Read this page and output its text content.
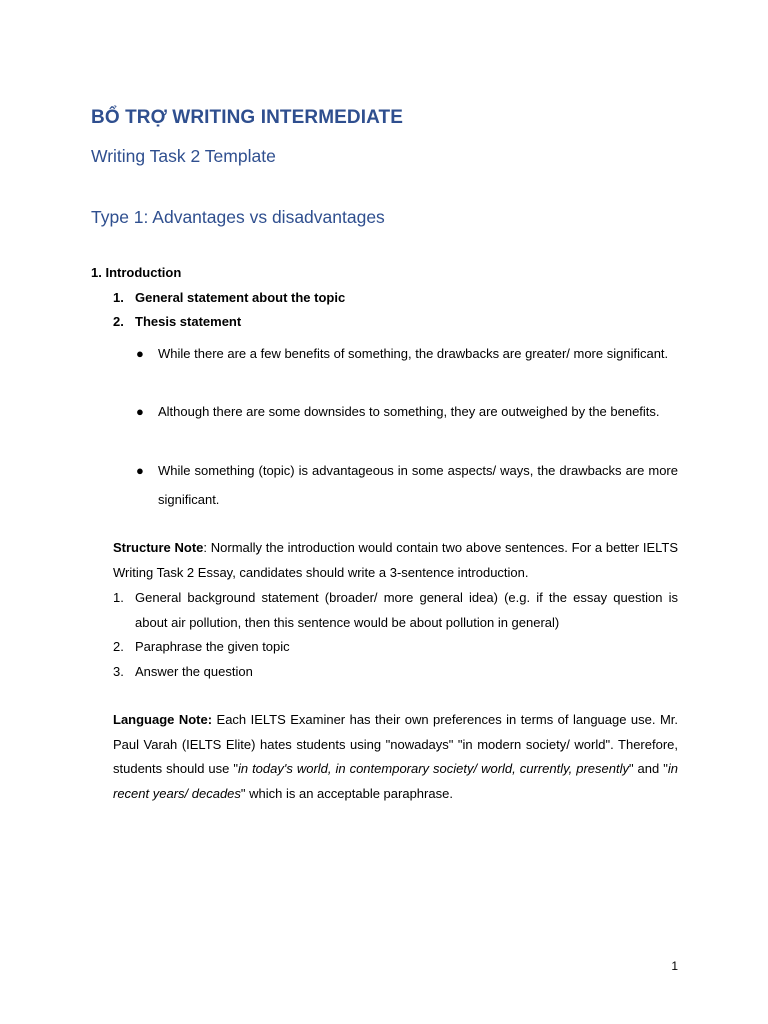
BỔ TRỢ WRITING INTERMEDIATE
Writing Task 2 Template
Type 1: Advantages vs disadvantages
1. Introduction
1. General statement about the topic
2. Thesis statement
● While there are a few benefits of something, the drawbacks are greater/ more significant.
● Although there are some downsides to something, they are outweighed by the benefits.
● While something (topic) is advantageous in some aspects/ ways, the drawbacks are more significant.
Structure Note: Normally the introduction would contain two above sentences. For a better IELTS Writing Task 2 Essay, candidates should write a 3-sentence introduction.
1. General background statement (broader/ more general idea) (e.g. if the essay question is about air pollution, then this sentence would be about pollution in general)
2. Paraphrase the given topic
3. Answer the question
Language Note: Each IELTS Examiner has their own preferences in terms of language use. Mr. Paul Varah (IELTS Elite) hates students using "nowadays" "in modern society/ world". Therefore, students should use "in today's world, in contemporary society/ world, currently, presently" and "in recent years/ decades" which is an acceptable paraphrase.
1
